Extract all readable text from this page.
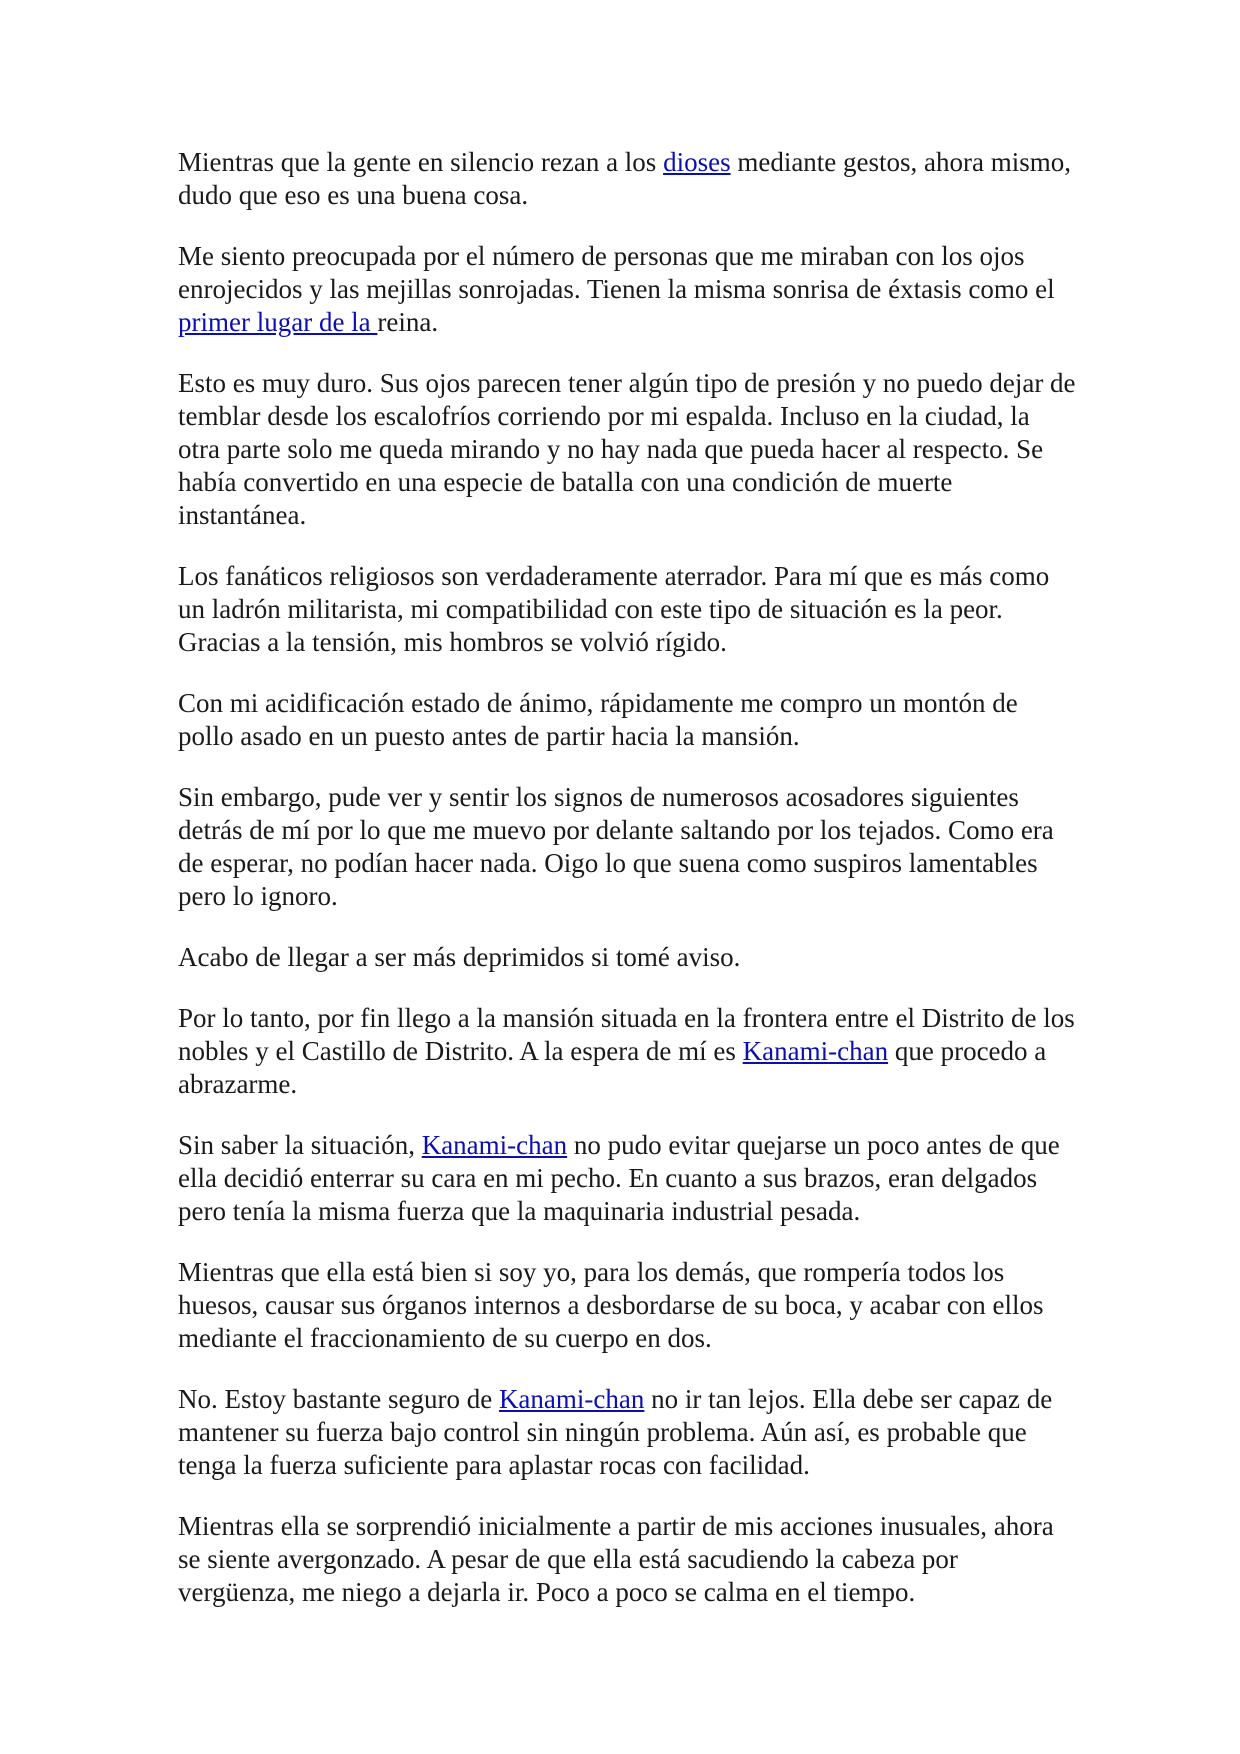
Mientras que la gente en silencio rezan a los dioses mediante gestos, ahora mismo, dudo que eso es una buena cosa.

Me siento preocupada por el número de personas que me miraban con los ojos enrojecidos y las mejillas sonrojadas. Tienen la misma sonrisa de éxtasis como el primer lugar de la reina.

Esto es muy duro. Sus ojos parecen tener algún tipo de presión y no puedo dejar de temblar desde los escalofríos corriendo por mi espalda. Incluso en la ciudad, la otra parte solo me queda mirando y no hay nada que pueda hacer al respecto. Se había convertido en una especie de batalla con una condición de muerte instantánea.

Los fanáticos religiosos son verdaderamente aterrador. Para mí que es más como un ladrón militarista, mi compatibilidad con este tipo de situación es la peor. Gracias a la tensión, mis hombros se volvió rígido.

Con mi acidificación estado de ánimo, rápidamente me compro un montón de pollo asado en un puesto antes de partir hacia la mansión.

Sin embargo, pude ver y sentir los signos de numerosos acosadores siguientes detrás de mí por lo que me muevo por delante saltando por los tejados. Como era de esperar, no podían hacer nada. Oigo lo que suena como suspiros lamentables pero lo ignoro.

Acabo de llegar a ser más deprimidos si tomé aviso.

Por lo tanto, por fin llego a la mansión situada en la frontera entre el Distrito de los nobles y el Castillo de Distrito. A la espera de mí es Kanami-chan que procedo a abrazarme.

Sin saber la situación, Kanami-chan no pudo evitar quejarse un poco antes de que ella decidió enterrar su cara en mi pecho. En cuanto a sus brazos, eran delgados pero tenía la misma fuerza que la maquinaria industrial pesada.

Mientras que ella está bien si soy yo, para los demás, que rompería todos los huesos, causar sus órganos internos a desbordarse de su boca, y acabar con ellos mediante el fraccionamiento de su cuerpo en dos.

No. Estoy bastante seguro de Kanami-chan no ir tan lejos. Ella debe ser capaz de mantener su fuerza bajo control sin ningún problema. Aún así, es probable que tenga la fuerza suficiente para aplastar rocas con facilidad.

Mientras ella se sorprendió inicialmente a partir de mis acciones inusuales, ahora se siente avergonzado. A pesar de que ella está sacudiendo la cabeza por vergüenza, me niego a dejarla ir. Poco a poco se calma en el tiempo.
